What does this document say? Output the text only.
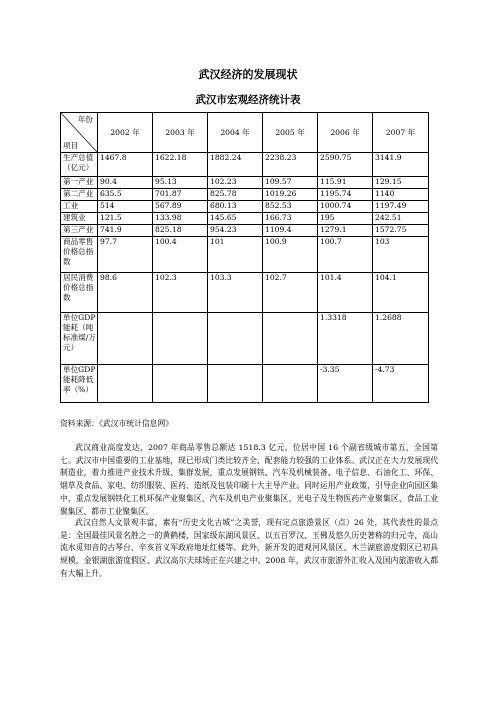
武汉经济的发展现状
武汉市宏观经济统计表
年份
项目	2002 年	2003 年	2004 年	2005 年	2006 年	2007 年
生产总值（亿元）	1467.8	1622.18	1882.24	2238.23	2590.75	3141.9
第一产业	90.4	95.13	102.23	109.57	115.91	129.15
第二产业	635.5	701.87	825.78	1019.26	1195.74	1140
工业	514	567.89	680.13	852.53	1000.74	1197.49
建筑业	121.5	133.98	145.65	166.73	195	242.51
第三产业	741.9	825.18	954.23	1109.4	1279.1	1572.75
商品零售价格总指数	97.7	100.4	101	100.9	100.7	103
居民消费价格总指数	98.6	102.3	103.3	102.7	101.4	104.1
单位GDP能耗（吨标准煤/万元）					1.3318	1.2688
单位GDP能耗降低率（%）					-3.35	-4.73
资料来源：《武汉市统计信息网》

武汉商业高度发达，2007 年商品零售总额达 1518.3 亿元，位居中国 16 个副省级城市第五，全国第七。武汉市中国重要的工业基地，现已形成门类比较齐全、配套能力较强的工业体系。武汉正在大力发展现代制造业，着力推进产业技术升级、集群发展，重点发展钢铁、汽车及机械装备、电子信息、石油化工、环保、烟草及食品、家电、纺织服装、医药、造纸及包装印刷十大主导产业。同时运用产业政策，引导企业向园区集中，重点发展钢铁化工机环保产业聚集区、汽车及机电产业聚集区、光电子及生物医药产业聚集区、食品工业聚集区、都市工业聚集区。

武汉自然人文景观丰富，素有“历史文化古城”之美誉，现有定点旅游景区（点）26 处，其代表性的景点是：全国最佳风景名胜之一的黄鹤楼，国家级东湖风景区，以五百罗汉、玉佛及悠久历史著称的归元寺，高山流水觅知音的古琴台、辛亥首义军政府地址红楼等。此外，新开发的道观河风景区、木兰湖旅游度假区已初具规模，金银湖旅游度假区、武汉高尔夫球场正在兴建之中。2008 年，武汉市旅游外汇收入及国内旅游收入都有大幅上升。
